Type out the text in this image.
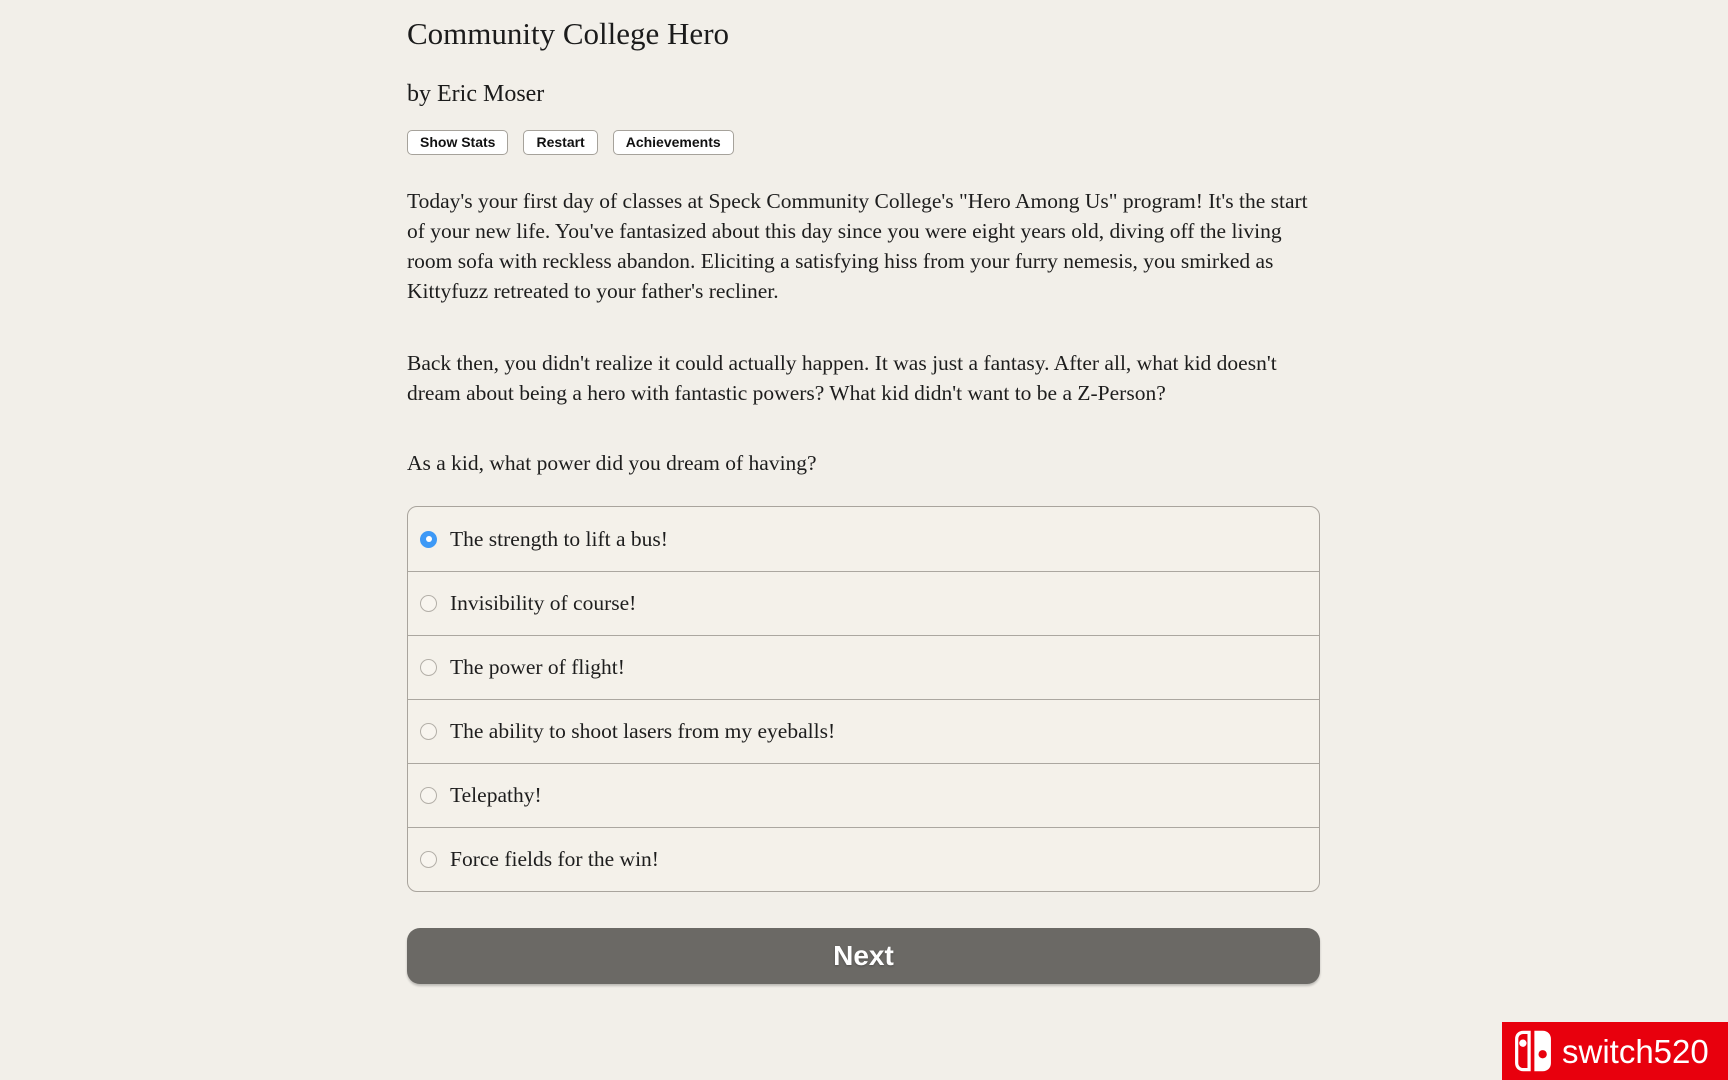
Community College Hero
by Eric Moser
Show Stats	Restart	Achievements

Today's your first day of classes at Speck Community College's "Hero Among Us" program! It's the start of your new life. You've fantasized about this day since you were eight years old, diving off the living room sofa with reckless abandon. Eliciting a satisfying hiss from your furry nemesis, you smirked as Kittyfuzz retreated to your father's recliner.

Back then, you didn't realize it could actually happen. It was just a fantasy. After all, what kid doesn't dream about being a hero with fantastic powers? What kid didn't want to be a Z-Person?

As a kid, what power did you dream of having?

The strength to lift a bus!
Invisibility of course!
The power of flight!
The ability to shoot lasers from my eyeballs!
Telepathy!
Force fields for the win!
Next
switch520
